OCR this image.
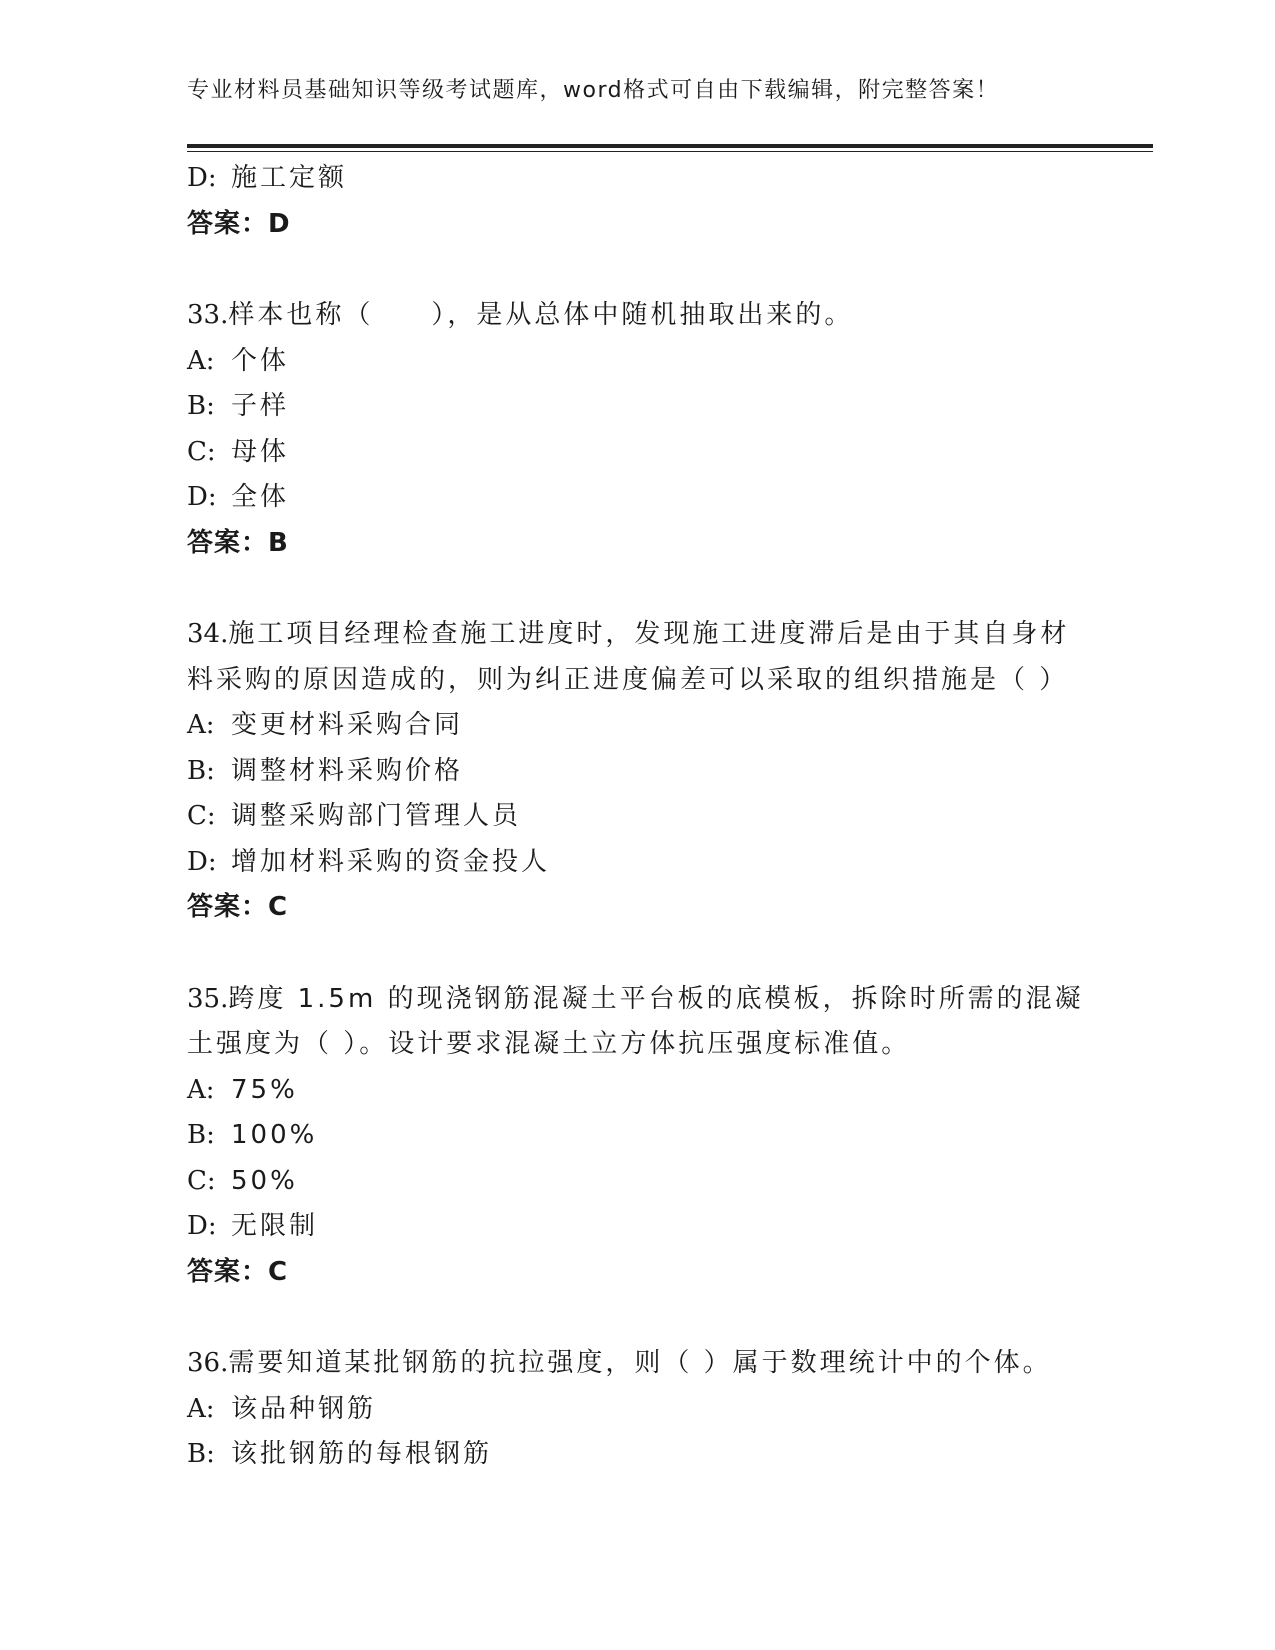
专业材料员基础知识等级考试题库，word格式可自由下载编辑，附完整答案！
D: 施工定额
答案：D
33.样本也称（　　），是从总体中随机抽取出来的。
A: 个体
B: 子样
C: 母体
D: 全体
答案：B
34.施工项目经理检查施工进度时，发现施工进度滞后是由于其自身材
料采购的原因造成的，则为纠正进度偏差可以采取的组织措施是（ ）
A: 变更材料采购合同
B: 调整材料采购价格
C: 调整采购部门管理人员
D: 增加材料采购的资金投人
答案：C
35.跨度 1.5m 的现浇钢筋混凝土平台板的底模板，拆除时所需的混凝
土强度为（ ）。设计要求混凝土立方体抗压强度标准值。
A: 75%
B: 100%
C: 50%
D: 无限制
答案：C
36.需要知道某批钢筋的抗拉强度，则（ ）属于数理统计中的个体。
A: 该品种钢筋
B: 该批钢筋的每根钢筋
